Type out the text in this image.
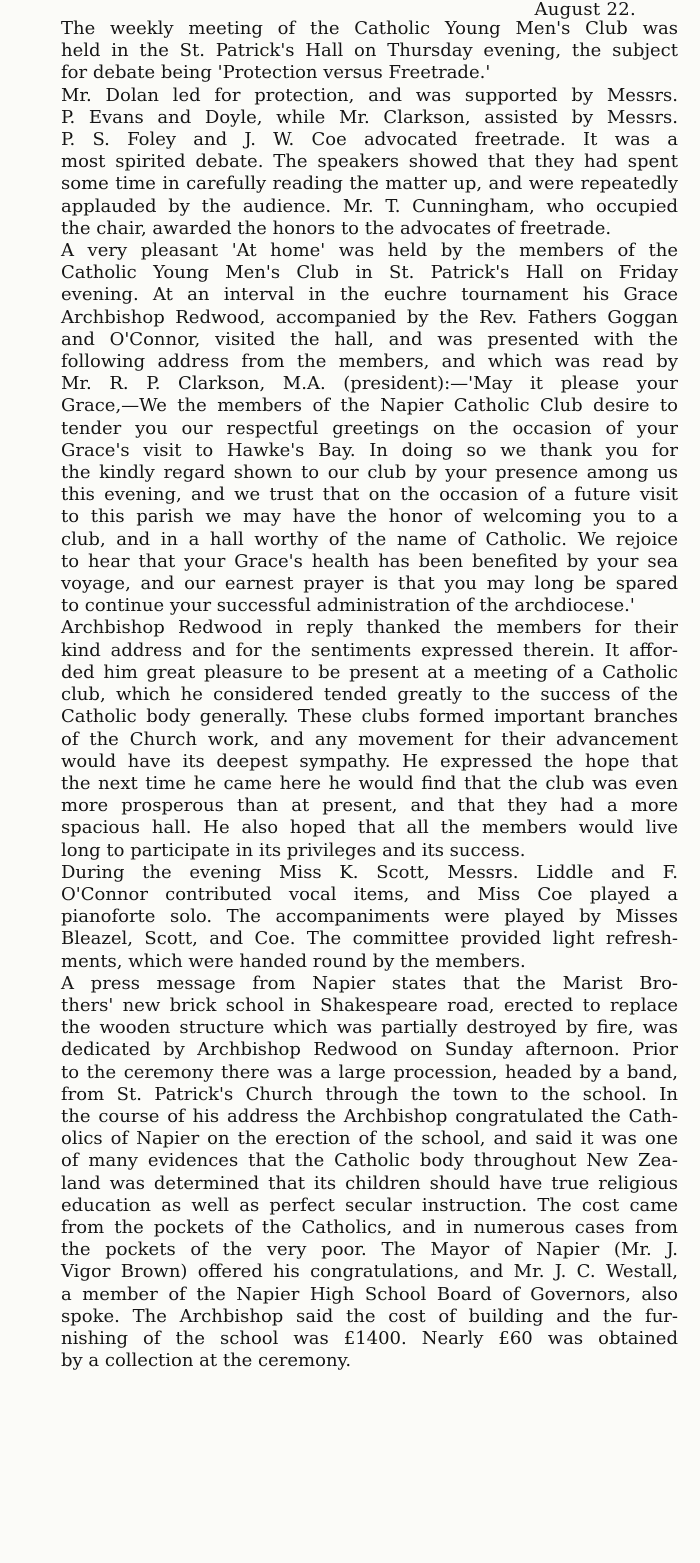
August 22.

The weekly meeting of the Catholic Young Men's Club was
held in the St. Patrick's Hall on Thursday evening, the subject
for debate being 'Protection versus Freetrade.'

Mr. Dolan led for protection, and was supported by Messrs.
P. Evans and Doyle, while Mr. Clarkson, assisted by Messrs.
P. S. Foley and J. W. Coe advocated freetrade. It was a
most spirited debate. The speakers showed that they had spent
some time in carefully reading the matter up, and were repeatedly
applauded by the audience. Mr. T. Cunningham, who occupied
the chair, awarded the honors to the advocates of freetrade.

A very pleasant 'At home' was held by the members of the
Catholic Young Men's Club in St. Patrick's Hall on Friday
evening. At an interval in the euchre tournament his Grace
Archbishop Redwood, accompanied by the Rev. Fathers Goggan
and O'Connor, visited the hall, and was presented with the
following address from the members, and which was read by
Mr. R. P. Clarkson, M.A. (president):—'May it please your
Grace,—We the members of the Napier Catholic Club desire to
tender you our respectful greetings on the occasion of your
Grace's visit to Hawke's Bay. In doing so we thank you for
the kindly regard shown to our club by your presence among us
this evening, and we trust that on the occasion of a future visit
to this parish we may have the honor of welcoming you to a
club, and in a hall worthy of the name of Catholic. We rejoice
to hear that your Grace's health has been benefited by your sea
voyage, and our earnest prayer is that you may long be spared
to continue your successful administration of the archdiocese.'

Archbishop Redwood in reply thanked the members for their
kind address and for the sentiments expressed therein. It affor-
ded him great pleasure to be present at a meeting of a Catholic
club, which he considered tended greatly to the success of the
Catholic body generally. These clubs formed important branches
of the Church work, and any movement for their advancement
would have its deepest sympathy. He expressed the hope that
the next time he came here he would find that the club was even
more prosperous than at present, and that they had a more
spacious hall. He also hoped that all the members would live
long to participate in its privileges and its success.

During the evening Miss K. Scott, Messrs. Liddle and F.
O'Connor contributed vocal items, and Miss Coe played a
pianoforte solo. The accompaniments were played by Misses
Bleazel, Scott, and Coe. The committee provided light refresh-
ments, which were handed round by the members.

A press message from Napier states that the Marist Bro-
thers' new brick school in Shakespeare road, erected to replace
the wooden structure which was partially destroyed by fire, was
dedicated by Archbishop Redwood on Sunday afternoon. Prior
to the ceremony there was a large procession, headed by a band,
from St. Patrick's Church through the town to the school. In
the course of his address the Archbishop congratulated the Cath-
olics of Napier on the erection of the school, and said it was one
of many evidences that the Catholic body throughout New Zea-
land was determined that its children should have true religious
education as well as perfect secular instruction. The cost came
from the pockets of the Catholics, and in numerous cases from
the pockets of the very poor. The Mayor of Napier (Mr. J.
Vigor Brown) offered his congratulations, and Mr. J. C. Westall,
a member of the Napier High School Board of Governors, also
spoke. The Archbishop said the cost of building and the fur-
nishing of the school was £1400. Nearly £60 was obtained
by a collection at the ceremony.
